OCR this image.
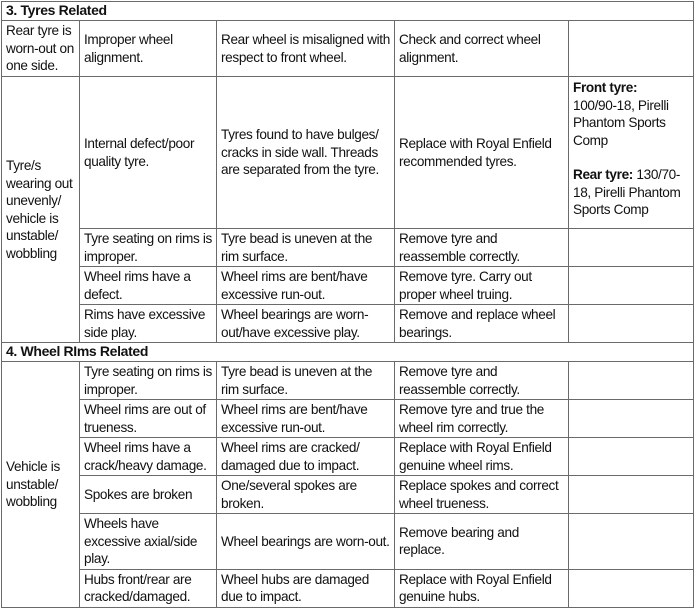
3. Tyres Related				
Rear tyre is worn-out on one side.	Improper wheel alignment.	Rear wheel is misaligned with respect to front wheel.	Check and correct wheel alignment.	
Tyre/s wearing out unevenly/ vehicle is unstable/ wobbling	Internal defect/poor quality tyre.	Tyres found to have bulges/ cracks in side wall. Threads are separated from the tyre.	Replace with Royal Enfield recommended tyres.	Front tyre:
100/90-18, Pirelli Phantom Sports Comp

Rear tyre: 130/70-18, Pirelli Phantom Sports Comp

	Tyre seating on rims is improper.	Tyre bead is uneven at the rim surface.	Remove tyre and reassemble correctly.	
	Wheel rims have a defect.	Wheel rims are bent/have excessive run-out.	Remove tyre. Carry out proper wheel truing.	
	Rims have excessive side play.	Wheel bearings are worn-out/have excessive play.	Remove and replace wheel bearings.	
4. Wheel RIms Related				
Vehicle is unstable/ wobbling	Tyre seating on rims is improper.	Tyre bead is uneven at the rim surface.	Remove tyre and reassemble correctly.	
	Wheel rims are out of trueness.	Wheel rims are bent/have excessive run-out.	Remove tyre and true the wheel rim correctly.	
	Wheel rims have a crack/heavy damage.	Wheel rims are cracked/ damaged due to impact.	Replace with Royal Enfield genuine wheel rims.	
	Spokes are broken	One/several spokes are broken.	Replace spokes and correct wheel trueness.	
	Wheels have excessive axial/side play.	Wheel bearings are worn-out.	Remove bearing and replace.	
	Hubs front/rear are cracked/damaged.	Wheel hubs are damaged due to impact.	Replace with Royal Enfield genuine hubs.	
